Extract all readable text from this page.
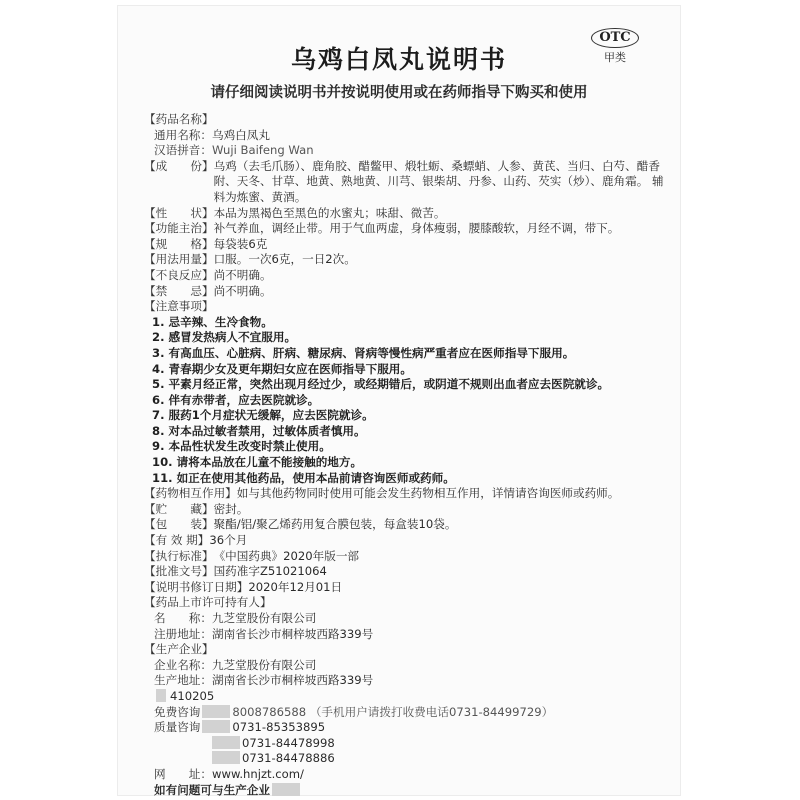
OTC
甲类
乌鸡白凤丸说明书
请仔细阅读说明书并按说明使用或在药师指导下购买和使用
【药品名称】
通用名称： 乌鸡白凤丸
汉语拼音： Wuji Baifeng Wan
【成　　份】 乌鸡（去毛爪肠）、鹿角胶、醋鳖甲、煅牡蛎、桑螵蛸、人参、黄芪、当归、白芍、醋香附、天冬、甘草、地黄、熟地黄、川芎、银柴胡、丹参、山药、芡实（炒）、鹿角霜。 辅料为炼蜜、黄酒。
【性　　状】 本品为黑褐色至黑色的水蜜丸；味甜、微苦。
【功能主治】 补气养血，调经止带。用于气血两虚，身体瘦弱，腰膝酸软，月经不调，带下。
【规　　格】 每袋装6克
【用法用量】 口服。一次6克，一日2次。
【不良反应】 尚不明确。
【禁　　忌】 尚不明确。
【注意事项】
1. 忌辛辣、生冷食物。
2. 感冒发热病人不宜服用。
3. 有高血压、心脏病、肝病、糖尿病、肾病等慢性病严重者应在医师指导下服用。
4. 青春期少女及更年期妇女应在医师指导下服用。
5. 平素月经正常，突然出现月经过少，或经期错后，或阴道不规则出血者应去医院就诊。
6. 伴有赤带者，应去医院就诊。
7. 服药1个月症状无缓解，应去医院就诊。
8. 对本品过敏者禁用，过敏体质者慎用。
9. 本品性状发生改变时禁止使用。
10. 请将本品放在儿童不能接触的地方。
11. 如正在使用其他药品，使用本品前请咨询医师或药师。
【药物相互作用】 如与其他药物同时使用可能会发生药物相互作用，详情请咨询医师或药师。
【贮　　藏】 密封。
【包　　装】 聚酯/铝/聚乙烯药用复合膜包装，每盒装10袋。
【有 效 期】 36个月
【执行标准】 《中国药典》2020年版一部
【批准文号】 国药准字Z51021064
【说明书修订日期】 2020年12月01日
【药品上市许可持有人】
名　　称： 九芝堂股份有限公司
注册地址： 湖南省长沙市桐梓坡西路339号
【生产企业】
企业名称： 九芝堂股份有限公司
生产地址： 湖南省长沙市桐梓坡西路339号
410205
免费咨询	8008786588 （手机用户请拨打收费电话0731-84499729）
质量咨询	0731-85353895
0731-84478998
0731-84478886
网　　址： www.hnjzt.com/
如有问题可与生产企业
